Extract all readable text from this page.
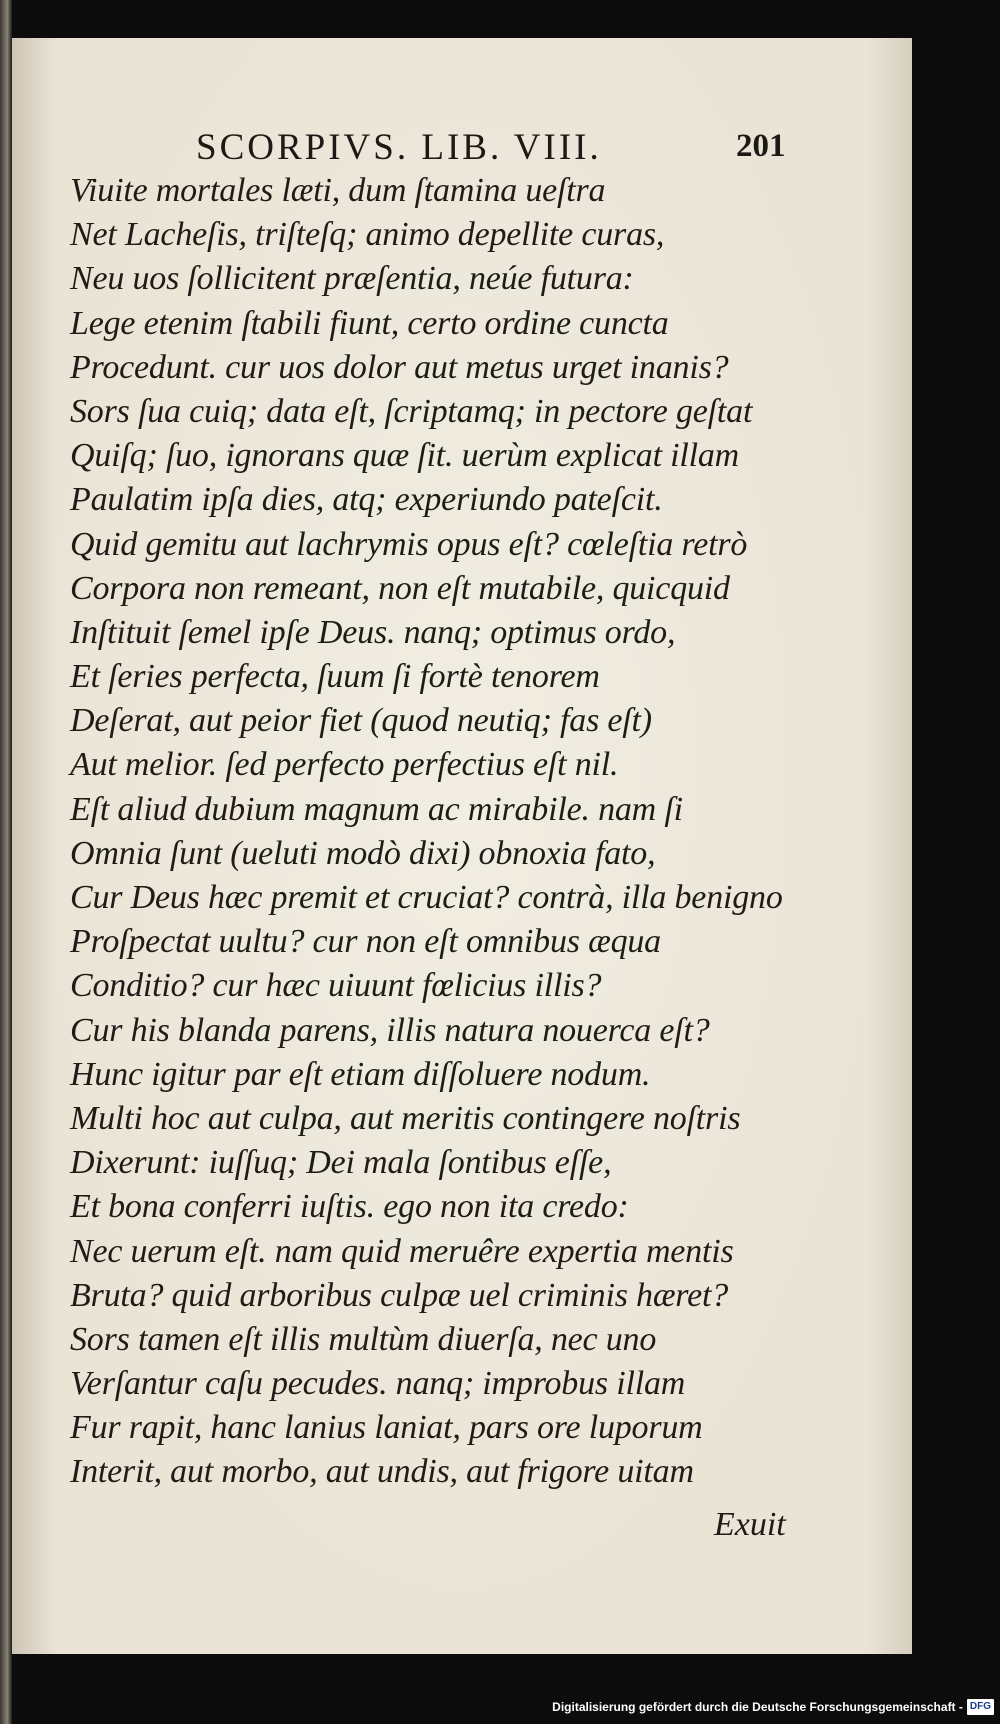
SCORPIVS. LIB. VIII.	201
Viuite mortales læti, dum ſtamina ueſtra
Net Lacheſis, triſteſq; animo depellite curas,
Neu uos ſollicitent præſentia, neúe futura:
Lege etenim ſtabili fiunt, certo ordine cuncta
Procedunt. cur uos dolor aut metus urget inanis?
Sors ſua cuiq; data eſt, ſcriptamq; in pectore geſtat
Quiſq; ſuo, ignorans quæ ſit. uerùm explicat illam
Paulatim ipſa dies, atq; experiundo pateſcit.
Quid gemitu aut lachrymis opus eſt? cœleſtia retrò
Corpora non remeant, non eſt mutabile, quicquid
Inſtituit ſemel ipſe Deus. nanq; optimus ordo,
Et ſeries perfecta, ſuum ſi fortè tenorem
Deſerat, aut peior fiet (quod neutiq; fas eſt)
Aut melior. ſed perfecto perfectius eſt nil.
Eſt aliud dubium magnum ac mirabile. nam ſi
Omnia ſunt (ueluti modò dixi) obnoxia fato,
Cur Deus hæc premit et cruciat? contrà, illa benigno
Proſpectat uultu? cur non eſt omnibus æqua
Conditio? cur hæc uiuunt fœlicius illis?
Cur his blanda parens, illis natura nouerca eſt?
Hunc igitur par eſt etiam diſſoluere nodum.
Multi hoc aut culpa, aut meritis contingere noſtris
Dixerunt: iuſſuq; Dei mala ſontibus eſſe,
Et bona conferri iuſtis. ego non ita credo:
Nec uerum eſt. nam quid meruêre expertia mentis
Bruta? quid arboribus culpæ uel criminis hæret?
Sors tamen eſt illis multùm diuerſa, nec uno
Verſantur caſu pecudes. nanq; improbus illam
Fur rapit, hanc lanius laniat, pars ore luporum
Interit, aut morbo, aut undis, aut frigore uitam
Exuit
Digitalisierung gefördert durch die Deutsche Forschungsgemeinschaft - DFG
